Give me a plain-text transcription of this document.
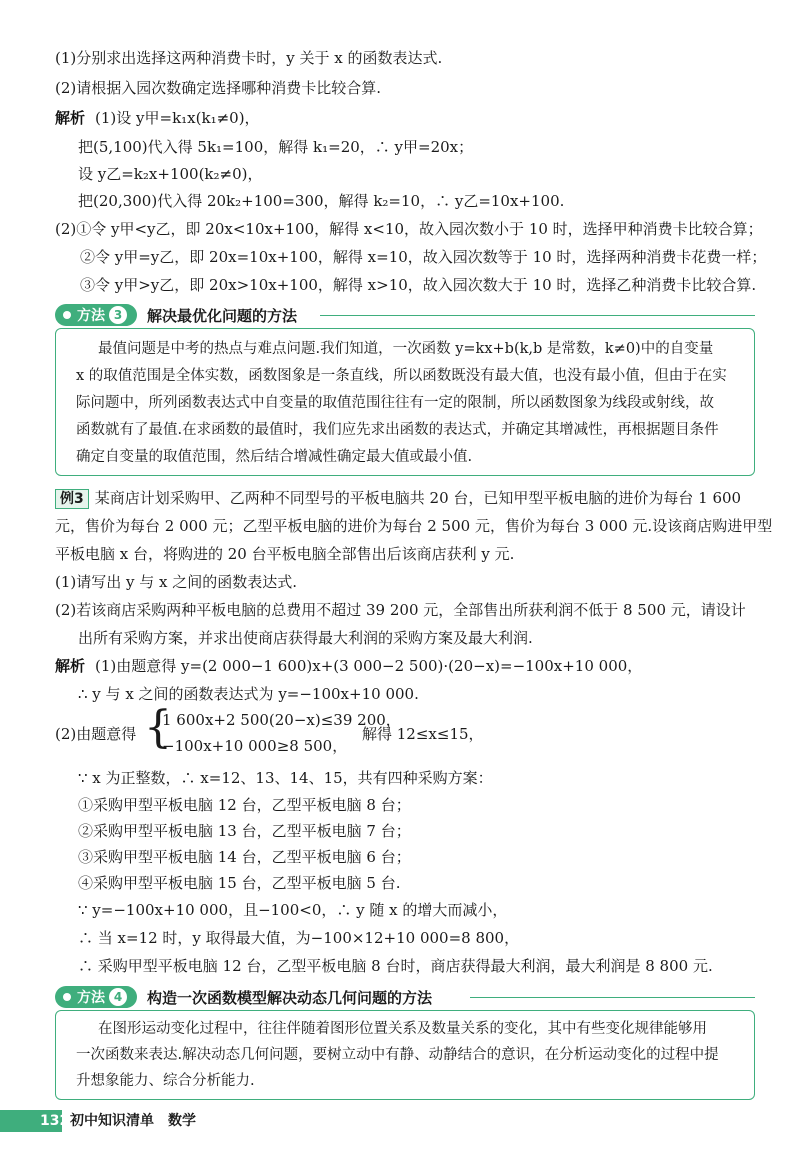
(1)分别求出选择这两种消费卡时，y 关于 x 的函数表达式.
(2)请根据入园次数确定选择哪种消费卡比较合算.
解析 (1)设 y甲=k₁x(k₁≠0)，
把(5,100)代入得 5k₁=100，解得 k₁=20，∴ y甲=20x；
设 y乙=k₂x+100(k₂≠0)，
把(20,300)代入得 20k₂+100=300，解得 k₂=10，∴ y乙=10x+100.
(2)①令 y甲<y乙，即 20x<10x+100，解得 x<10，故入园次数小于 10 时，选择甲种消费卡比较合算；
②令 y甲=y乙，即 20x=10x+100，解得 x=10，故入园次数等于 10 时，选择两种消费卡花费一样；
③令 y甲>y乙，即 20x>10x+100，解得 x>10，故入园次数大于 10 时，选择乙种消费卡比较合算.
方法 3	解决最优化问题的方法
最值问题是中考的热点与难点问题.我们知道，一次函数 y=kx+b(k,b 是常数，k≠0)中的自变量
x 的取值范围是全体实数，函数图象是一条直线，所以函数既没有最大值，也没有最小值，但由于在实
际问题中，所列函数表达式中自变量的取值范围往往有一定的限制，所以函数图象为线段或射线，故
函数就有了最值.在求函数的最值时，我们应先求出函数的表达式，并确定其增减性，再根据题目条件
确定自变量的取值范围，然后结合增减性确定最大值或最小值.
例3 某商店计划采购甲、乙两种不同型号的平板电脑共 20 台，已知甲型平板电脑的进价为每台 1 600
元，售价为每台 2 000 元；乙型平板电脑的进价为每台 2 500 元，售价为每台 3 000 元.设该商店购进甲型
平板电脑 x 台，将购进的 20 台平板电脑全部售出后该商店获利 y 元.
(1)请写出 y 与 x 之间的函数表达式.
(2)若该商店采购两种平板电脑的总费用不超过 39 200 元，全部售出所获利润不低于 8 500 元，请设计
出所有采购方案，并求出使商店获得最大利润的采购方案及最大利润.
解析 (1)由题意得 y=(2 000−1 600)x+(3 000−2 500)·(20−x)=−100x+10 000，
∴ y 与 x 之间的函数表达式为 y=−100x+10 000.
(2)由题意得 {
1 600x+2 500(20−x)≤39 200，
−100x+10 000≥8 500，
解得 12≤x≤15，
∵ x 为正整数，∴ x=12、13、14、15，共有四种采购方案：
①采购甲型平板电脑 12 台，乙型平板电脑 8 台；
②采购甲型平板电脑 13 台，乙型平板电脑 7 台；
③采购甲型平板电脑 14 台，乙型平板电脑 6 台；
④采购甲型平板电脑 15 台，乙型平板电脑 5 台.
∵ y=−100x+10 000，且−100<0，∴ y 随 x 的增大而减小，
∴ 当 x=12 时，y 取得最大值，为−100×12+10 000=8 800，
∴ 采购甲型平板电脑 12 台，乙型平板电脑 8 台时，商店获得最大利润，最大利润是 8 800 元.
方法 4	构造一次函数模型解决动态几何问题的方法
在图形运动变化过程中，往往伴随着图形位置关系及数量关系的变化，其中有些变化规律能够用
一次函数来表达.解决动态几何问题，要树立动中有静、动静结合的意识，在分析运动变化的过程中提
升想象能力、综合分析能力.
132 初中知识清单 数学
